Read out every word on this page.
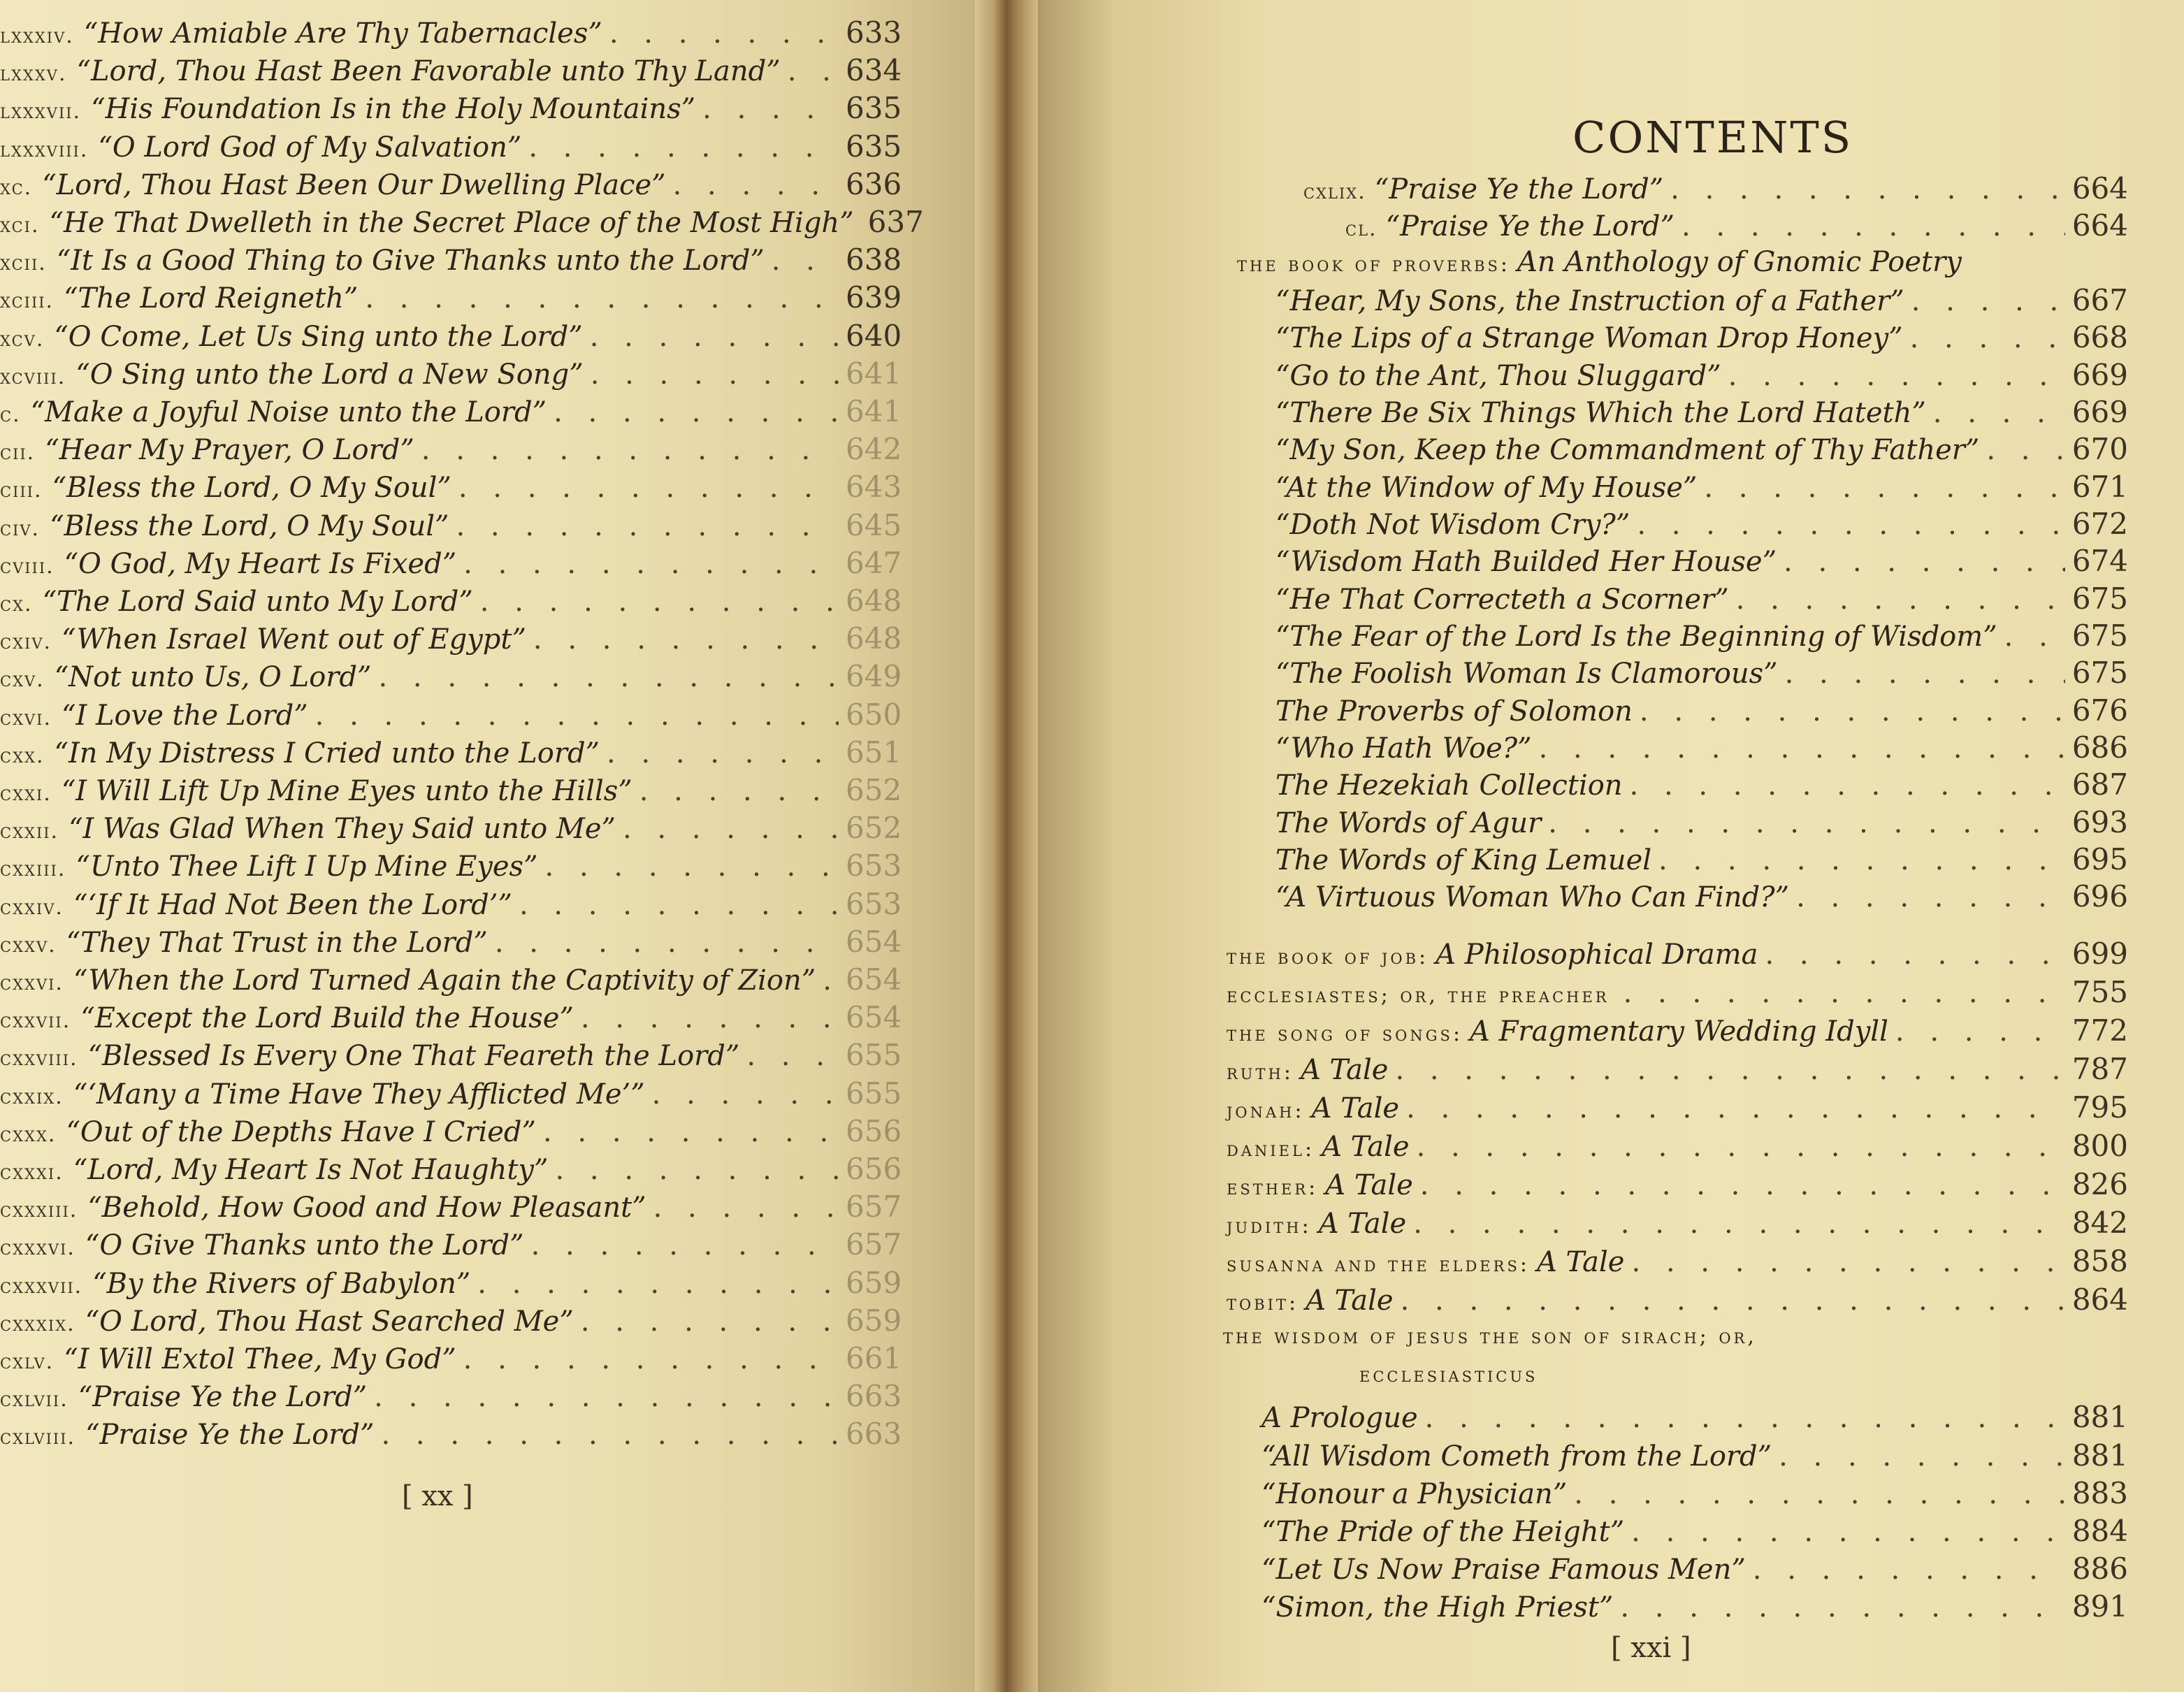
lxxxiv. “How Amiable Are Thy Tabernacles” . . .	633
lxxxv. “Lord, Thou Hast Been Favorable unto Thy Land” . . . 634
lxxxvii. “His Foundation Is in the Holy Mountains” . . .	635
lxxxviii. “O Lord God of My Salvation” . . .	635
xc. “Lord, Thou Hast Been Our Dwelling Place” . . .	636
xci. “He That Dwelleth in the Secret Place of the Most High” 637
xcii. “It Is a Good Thing to Give Thanks unto the Lord” . . .	638
xciii. “The Lord Reigneth” . . .	639
xcv. “O Come, Let Us Sing unto the Lord” . . .	640
xcviii. “O Sing unto the Lord a New Song” . . .	641
c. “Make a Joyful Noise unto the Lord” . . .	641
cii. “Hear My Prayer, O Lord” . . .	642
ciii. “Bless the Lord, O My Soul” . . .	643
civ. “Bless the Lord, O My Soul” . . .	645
cviii. “O God, My Heart Is Fixed” . . .	647
cx. “The Lord Said unto My Lord” . . .	648
cxiv. “When Israel Went out of Egypt” . . .	648
cxv. “Not unto Us, O Lord” . . .	649
cxvi. “I Love the Lord” . . .	650
cxx. “In My Distress I Cried unto the Lord” . . .	651
cxxi. “I Will Lift Up Mine Eyes unto the Hills” . . .	652
cxxii. “I Was Glad When They Said unto Me” . . .	652
cxxiii. “Unto Thee Lift I Up Mine Eyes” . . .	653
cxxiv. “‘If It Had Not Been the Lord’” . . .	653
cxxv. “They That Trust in the Lord” . . .	654
cxxvi. “When the Lord Turned Again the Captivity of Zion” . . . 654
cxxvii. “Except the Lord Build the House” . . .	654
cxxviii. “Blessed Is Every One That Feareth the Lord” . . .	655
cxxix. “‘Many a Time Have They Afflicted Me’” . . .	655
cxxx. “Out of the Depths Have I Cried” . . .	656
cxxxi. “Lord, My Heart Is Not Haughty” . . .	656
cxxxiii. “Behold, How Good and How Pleasant” . . .	657
cxxxvi. “O Give Thanks unto the Lord” . . .	657
cxxxvii. “By the Rivers of Babylon” . . .	659
cxxxix. “O Lord, Thou Hast Searched Me” . . .	659
cxlv. “I Will Extol Thee, My God” . . .	661
cxlvii. “Praise Ye the Lord” . . .	663
cxlviii. “Praise Ye the Lord” . . .	663
[ xx ]
CONTENTS
cxlix. “Praise Ye the Lord” . . .	664
cl. “Praise Ye the Lord” . . .	664
the book of proverbs: An Anthology of Gnomic Poetry
“Hear, My Sons, the Instruction of a Father” . . .	667
“The Lips of a Strange Woman Drop Honey” . . .	668
“Go to the Ant, Thou Sluggard” . . .	669
“There Be Six Things Which the Lord Hateth” . . .	669
“My Son, Keep the Commandment of Thy Father” . . .	670
“At the Window of My House” . . .	671
“Doth Not Wisdom Cry?” . . .	672
“Wisdom Hath Builded Her House” . . .	674
“He That Correcteth a Scorner” . . .	675
“The Fear of the Lord Is the Beginning of Wisdom” . . .	675
“The Foolish Woman Is Clamorous” . . .	675
The Proverbs of Solomon . . .	676
“Who Hath Woe?” . . .	686
The Hezekiah Collection . . .	687
The Words of Agur . . .	693
The Words of King Lemuel . . .	695
“A Virtuous Woman Who Can Find?” . . .	696
the book of job: A Philosophical Drama . . .	699
ecclesiastes; or, the preacher . . .	755
the song of songs: A Fragmentary Wedding Idyll . . .	772
ruth: A Tale . . .	787
jonah: A Tale . . .	795
daniel: A Tale . . .	800
esther: A Tale . . .	826
judith: A Tale . . .	842
susanna and the elders: A Tale . . .	858
tobit: A Tale . . .	864
the wisdom of jesus the son of sirach; or,
ecclesiasticus
A Prologue . . .	881
“All Wisdom Cometh from the Lord” . . .	881
“Honour a Physician” . . .	883
“The Pride of the Height” . . .	884
“Let Us Now Praise Famous Men” . . .	886
“Simon, the High Priest” . . .	891
[ xxi ]
